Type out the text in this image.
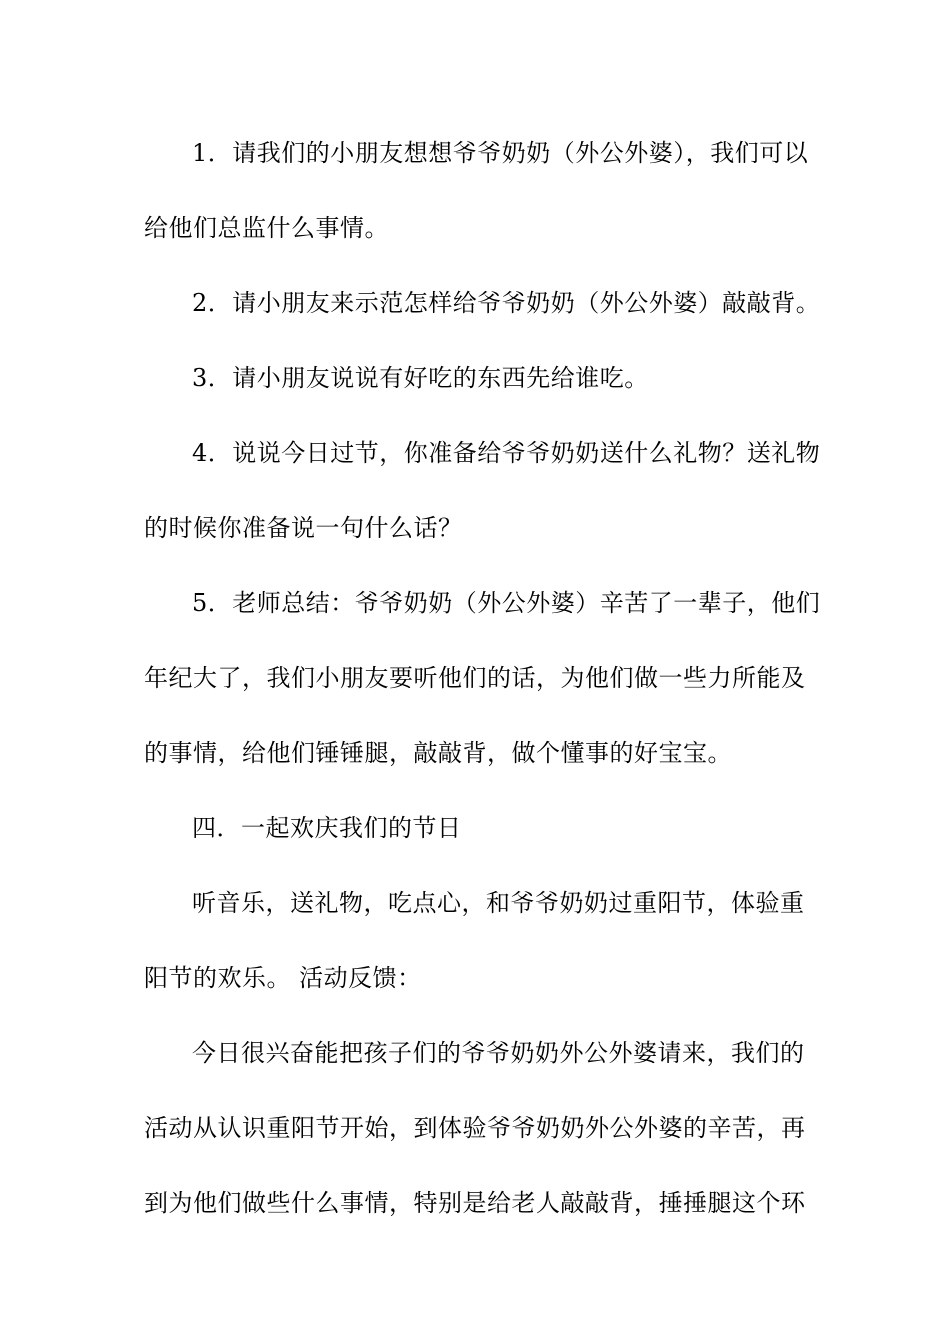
1．请我们的小朋友想想爷爷奶奶（外公外婆），我们可以
给他们总监什么事情。
2．请小朋友来示范怎样给爷爷奶奶（外公外婆）敲敲背。
3．请小朋友说说有好吃的东西先给谁吃。
4．说说今日过节，你准备给爷爷奶奶送什么礼物？送礼物
的时候你准备说一句什么话？
5．老师总结：爷爷奶奶（外公外婆）辛苦了一辈子，他们
年纪大了，我们小朋友要听他们的话，为他们做一些力所能及
的事情，给他们锤锤腿，敲敲背，做个懂事的好宝宝。
四．一起欢庆我们的节日
听音乐，送礼物，吃点心，和爷爷奶奶过重阳节，体验重
阳节的欢乐。 活动反馈：
今日很兴奋能把孩子们的爷爷奶奶外公外婆请来，我们的
活动从认识重阳节开始，到体验爷爷奶奶外公外婆的辛苦，再
到为他们做些什么事情，特别是给老人敲敲背，捶捶腿这个环
